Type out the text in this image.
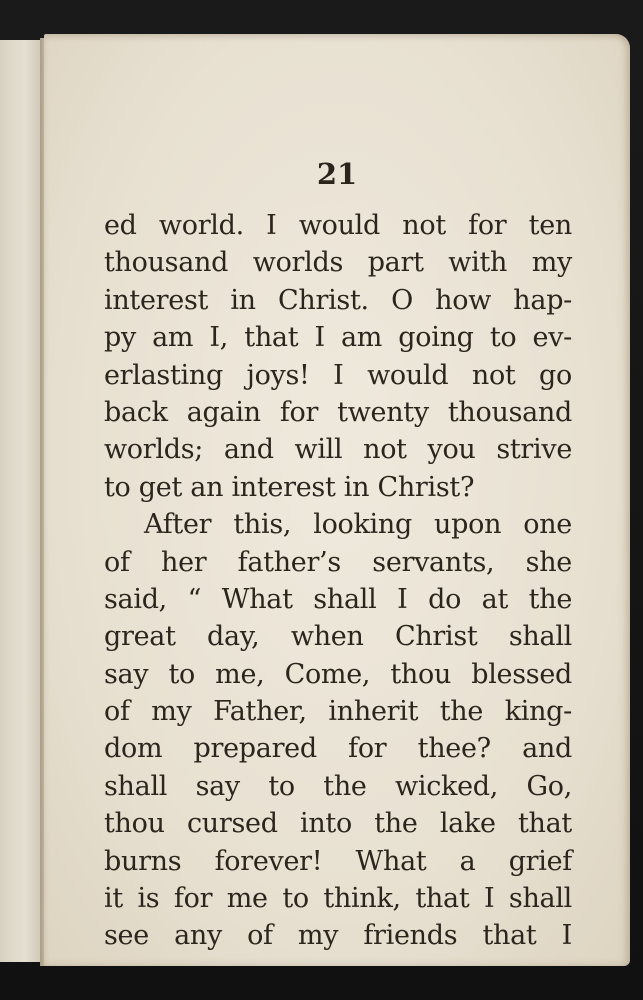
21

ed world. I would not for ten
thousand worlds part with my
interest in Christ. O how hap-
py am I, that I am going to ev-
erlasting joys! I would not go
back again for twenty thousand
worlds; and will not you strive
to get an interest in Christ?
After this, looking upon one
of her father’s servants, she
said, “ What shall I do at the
great day, when Christ shall
say to me, Come, thou blessed
of my Father, inherit the king-
dom prepared for thee? and
shall say to the wicked, Go,
thou cursed into the lake that
burns forever! What a grief
it is for me to think, that I shall
see any of my friends that I
